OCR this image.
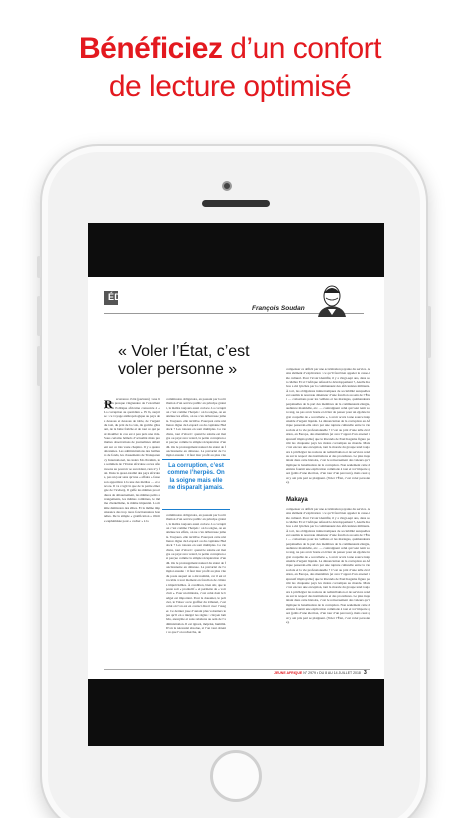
Bénéficiez d’un confort
de lecture optimisé
ÉDITORIAL
François Soudan
« Voler l’État, c’est voler personne »
R	écurrence d’été (parisien) : une livraison presque vingtenaire de l’excellente revue Politique africaine consacrée à « La corruption au quotidien ». Et là, surprise : ce voyage anthropologique au pays des dessous et dessous de table, de l’argent du taxi, du prix de la cola, du gombo glissant, de la bière fraîche et de tout ce qui peut mouiller le cou est à peu près une ride. Sous certains bémols d’actualité mais premières observations de journalistes débattent sur ce très vaste chapitre. Il y a quatre décennies. Les administrations des bailleurs de fonds, les classements de Transparency International, les index Mo Ibrahim, les sommets de l’Union africaine ou les afternoons au pouvoir se succèdent, rien n’y fait. Dans la quasi-totalité des pays africains, pas un jour sans qu’une « affaire » fasse son apparition à la une des médias — et encore. Il va s’agit là que de la partie émergée de l’iceberg. Il gaffe les mêmes procédures de détournement, les mêmes petits arrangements, les mêmes combines, le même clientélisme, le même impunité. La même démission des élites. Et la même impuissance des trop rares fonctionnaires honnêtes. De la simple « gratification » illicite euphémisée pour « cacher » à la
La corruption, c’est comme l’herpès. On la soigne mais elle ne disparaît jamais.
commission obligatoire, en passant par la rétribution d’un service public en principe gratuit, la maître toujours aussi coriace. La corruption c’est comme l’herpès : on la soigne, on en atténue les effets, on ne s’en débarrasse jamais. Toujours. elle récidive. Pourquoi cette résilience digne du Léopard ou du capitaine Haddock ? Les raisons en sont multiples. La vie chère, tout d’abord : quand le salaire est maigre ou payé avec retard, la petite corruption est perçue comme la simple récupération d’un dû. Ou le prolongement naturel du statut de fonctionnaire en détresse. La précarité de l’emploi ensuite : il faut tirer profit au plus vite
commission obligatoire, en passant par la rétribution d’un service public en principe gratuit, la maître toujours aussi coriace. La corruption c’est comme l’herpès : on la soigne, on en atténue les effets, on ne s’en débarrasse jamais. Toujours. elle récidive. Pourquoi cette résilience digne du Léopard ou du capitaine Haddock ? Les raisons en sont multiples. La vie chère, tout d’abord : quand le salaire est maigre ou payé avec retard, la petite corruption est perçue comme la simple récupération d’un dû. Ou le prolongement naturel du statut de fonctionnaire en détresse. La précarité de l’emploi ensuite : il faut tirer profit au plus vite du poste auquel on a été nommé, car il est révocable à tout moment en fonction de critères imprévisibles. À condition, bien sûr, que le poste soit « productif » et permette de « voir clair ». Pour un ministre, c’est celui dont le budget est important. Pour le douanier, le policier, le Trésor ou le greffier du tribunal, c’est celui où l’on est en contact direct avec l’usager. Ce dernier joue d’autant plus volontiers le jeu qu’il en a intégré les règles : citoyen lambda, anonyme et sans relations au sein de l’administration. Il est ignoré, méprisé, humilié. D’où la nécessité absolue, si l’on veut obtenir ce que l’on recherche, de
compenser ce déficit par une accélération payante du service. Autre élément d’explication : ce qu’il faut bien appeler le casse-tête culturel. Pour l’avoir identifié, il y a vingt-sept ans, dans son célèbre Et si l’Afrique refusait le développement ?, Axelle Kabou a été lynchée par la communauté des africanistes militants. À tort, les obligations ininterrompues de sociabilité auxquelles est soumis le nouveau détenteur d’une fonction au sein de l’État — cotisations pour les veillées et les mariages, quémandeurs perpétuelles de la part des membres de la communauté élargie, audience matérielle, etc. — contraignent celui qui veut tenir son rang, ne pas avoir honte et éviter de passer pour un égoïste ingrat coupable de « sorcellerie », à avoir accès à une source inépuisable d’argent liquide. La dénonciation de la corruption en Afrique passerait-elle alors par une rupture culturelle entre la vie sociale et la vie professionnelle ? C’est au prix d’une telle évolution, en Europe, des mentalités (et avec l’appui d’un arsenal répressif impitoyable) que le Rwanda de Paul Kagame figure parmi les cinquante pays les moins corrompus au monde. Mais c’est encore une exception, tant la morale du groupe tend toujours à privilégier les notions de redistribution et de services rendus sur le respect des institutions et des procédures. Le plus inquiétant dans cette histoire, c’est le renversement des valeurs qu’implique la banalisation de la corruption. Non seulement cette dernière fournit une explication commode à tout et à n’importe quoi (prêts d’une élection, d’un tour d’un parcours), mais ceux qui y ont pris part se plaignent. (Voler l’État, c’est voler personne),
Makaya
compenser ce déficit par une accélération payante du service. Autre élément d’explication : ce qu’il faut bien appeler le casse-tête culturel. Pour l’avoir identifié, il y a vingt-sept ans, dans son célèbre Et si l’Afrique refusait le développement ?, Axelle Kabou a été lynchée par la communauté des africanistes militants. À tort, les obligations ininterrompues de sociabilité auxquelles est soumis le nouveau détenteur d’une fonction au sein de l’État — cotisations pour les veillées et les mariages, quémandeurs perpétuelles de la part des membres de la communauté élargie, audience matérielle, etc. — contraignent celui qui veut tenir son rang, ne pas avoir honte et éviter de passer pour un égoïste ingrat coupable de « sorcellerie », à avoir accès à une source inépuisable d’argent liquide. La dénonciation de la corruption en Afrique passerait-elle alors par une rupture culturelle entre la vie sociale et la vie professionnelle ? C’est au prix d’une telle évolution, en Europe, des mentalités (et avec l’appui d’un arsenal répressif impitoyable) que le Rwanda de Paul Kagame figure parmi les cinquante pays les moins corrompus au monde. Mais c’est encore une exception, tant la morale du groupe tend toujours à privilégier les notions de redistribution et de services rendus sur le respect des institutions et des procédures. Le plus inquiétant dans cette histoire, c’est le renversement des valeurs qu’implique la banalisation de la corruption. Non seulement cette dernière fournit une explication commode à tout et à n’importe quoi (prêts d’une élection, d’un tour d’un parcours), mais ceux qui y ont pris part se plaignent. (Voler l’État, c’est voler personne),
JEUNE AFRIQUE N° 2979 • DU 8 AU 14 JUILLET 2018 3
